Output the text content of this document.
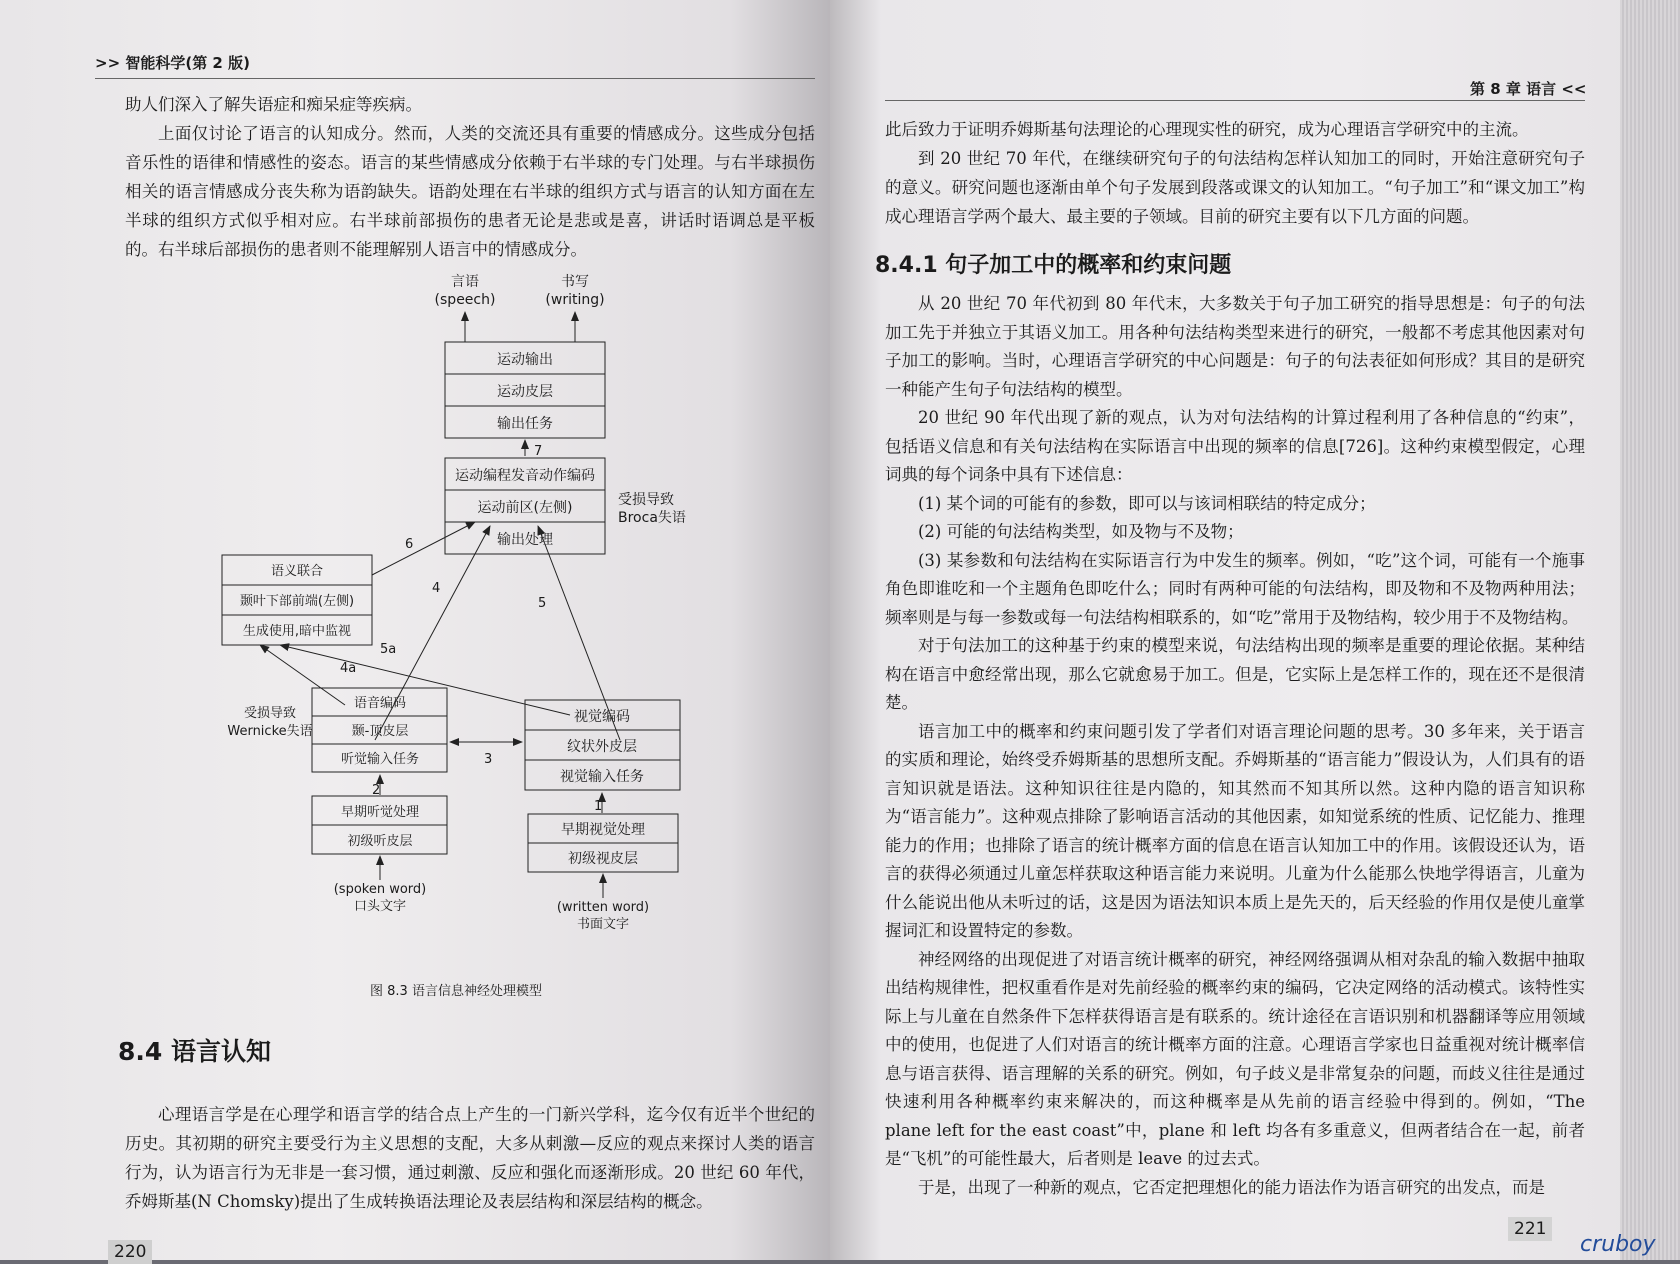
>> 智能科学(第 2 版)
第 8 章 语言 <<

助人们深入了解失语症和痴呆症等疾病。

上面仅讨论了语言的认知成分。然而，人类的交流还具有重要的情感成分。这些成分包括音乐性的语律和情感性的姿态。语言的某些情感成分依赖于右半球的专门处理。与右半球损伤相关的语言情感成分丧失称为语韵缺失。语韵处理在右半球的组织方式与语言的认知方面在左半球的组织方式似乎相对应。右半球前部损伤的患者无论是悲或是喜，讲话时语调总是平板的。右半球后部损伤的患者则不能理解别人语言中的情感成分。

言语
(speech)
书写
(writing)
运动输出
运动皮层
输出任务
7
运动编程发音动作编码
运动前区(左侧)
输出处理
受损导致
Broca失语
语义联合
颞叶下部前端(左侧)
生成使用,暗中监视
6
4
5
5a
4a
语音编码
颞-顶皮层
听觉输入任务
受损导致
Wernicke失语
视觉编码
纹状外皮层
视觉输入任务
3
2
1
早期听觉处理
初级听皮层
早期视觉处理
初级视皮层
(spoken word)
口头文字	(written word)
书面文字
图 8.3 语言信息神经处理模型
8.4 语言认知

心理语言学是在心理学和语言学的结合点上产生的一门新兴学科，迄今仅有近半个世纪的历史。其初期的研究主要受行为主义思想的支配，大多从刺激—反应的观点来探讨人类的语言行为，认为语言行为无非是一套习惯，通过刺激、反应和强化而逐渐形成。20 世纪 60 年代，乔姆斯基(N Chomsky)提出了生成转换语法理论及表层结构和深层结构的概念。

220

此后致力于证明乔姆斯基句法理论的心理现实性的研究，成为心理语言学研究中的主流。

到 20 世纪 70 年代，在继续研究句子的句法结构怎样认知加工的同时，开始注意研究句子的意义。研究问题也逐渐由单个句子发展到段落或课文的认知加工。“句子加工”和“课文加工”构成心理语言学两个最大、最主要的子领域。目前的研究主要有以下几方面的问题。

8.4.1 句子加工中的概率和约束问题

从 20 世纪 70 年代初到 80 年代末，大多数关于句子加工研究的指导思想是：句子的句法加工先于并独立于其语义加工。用各种句法结构类型来进行的研究，一般都不考虑其他因素对句子加工的影响。当时，心理语言学研究的中心问题是：句子的句法表征如何形成？其目的是研究一种能产生句子句法结构的模型。

20 世纪 90 年代出现了新的观点，认为对句法结构的计算过程利用了各种信息的“约束”，包括语义信息和有关句法结构在实际语言中出现的频率的信息[726]。这种约束模型假定，心理词典的每个词条中具有下述信息：

(1) 某个词的可能有的参数，即可以与该词相联结的特定成分；

(2) 可能的句法结构类型，如及物与不及物；

(3) 某参数和句法结构在实际语言行为中发生的频率。例如，“吃”这个词，可能有一个施事角色即谁吃和一个主题角色即吃什么；同时有两种可能的句法结构，即及物和不及物两种用法；频率则是与每一参数或每一句法结构相联系的，如“吃”常用于及物结构，较少用于不及物结构。

对于句法加工的这种基于约束的模型来说，句法结构出现的频率是重要的理论依据。某种结构在语言中愈经常出现，那么它就愈易于加工。但是，它实际上是怎样工作的，现在还不是很清楚。

语言加工中的概率和约束问题引发了学者们对语言理论问题的思考。30 多年来，关于语言的实质和理论，始终受乔姆斯基的思想所支配。乔姆斯基的“语言能力”假设认为，人们具有的语言知识就是语法。这种知识往往是内隐的，知其然而不知其所以然。这种内隐的语言知识称为“语言能力”。这种观点排除了影响语言活动的其他因素，如知觉系统的性质、记忆能力、推理能力的作用；也排除了语言的统计概率方面的信息在语言认知加工中的作用。该假设还认为，语言的获得必须通过儿童怎样获取这种语言能力来说明。儿童为什么能那么快地学得语言，儿童为什么能说出他从未听过的话，这是因为语法知识本质上是先天的，后天经验的作用仅是使儿童掌握词汇和设置特定的参数。

神经网络的出现促进了对语言统计概率的研究，神经网络强调从相对杂乱的输入数据中抽取出结构规律性，把权重看作是对先前经验的概率约束的编码，它决定网络的活动模式。该特性实际上与儿童在自然条件下怎样获得语言是有联系的。统计途径在言语识别和机器翻译等应用领域中的使用，也促进了人们对语言的统计概率方面的注意。心理语言学家也日益重视对统计概率信息与语言获得、语言理解的关系的研究。例如，句子歧义是非常复杂的问题，而歧义往往是通过快速利用各种概率约束来解决的，而这种概率是从先前的语言经验中得到的。例如，“The plane left for the east coast”中，plane 和 left 均各有多重意义，但两者结合在一起，前者是“飞机”的可能性最大，后者则是 leave 的过去式。

于是，出现了一种新的观点，它否定把理想化的能力语法作为语言研究的出发点，而是

221
cruboy
